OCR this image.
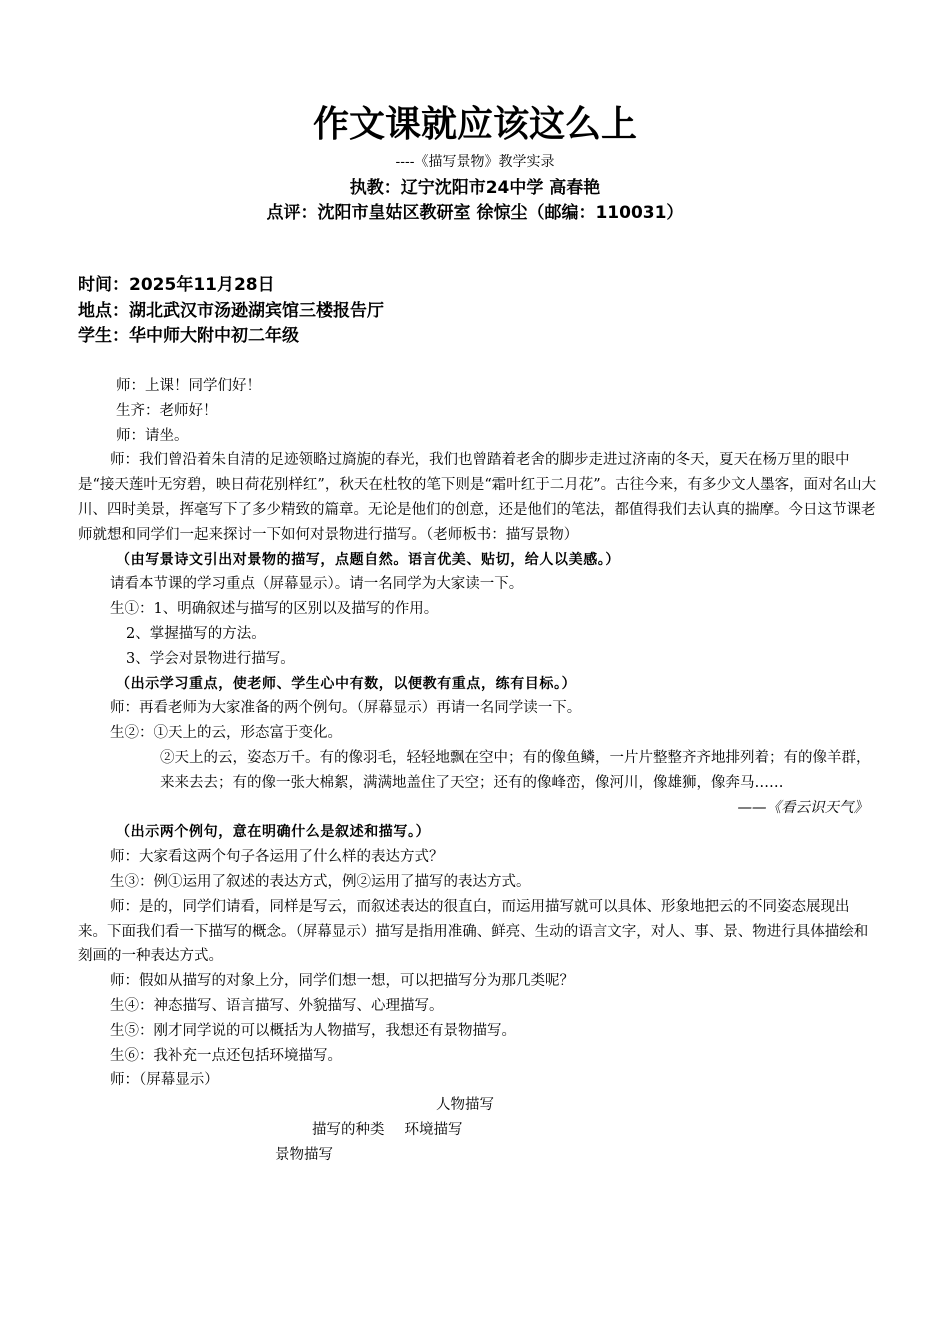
作文课就应该这么上
----《描写景物》教学实录
执教：辽宁沈阳市24中学 高春艳
点评：沈阳市皇姑区教研室 徐惊尘（邮编：110031）
时间：2025年11月28日
地点：湖北武汉市汤逊湖宾馆三楼报告厅
学生：华中师大附中初二年级

师：上课！同学们好！

生齐：老师好！

师：请坐。

师：我们曾沿着朱自清的足迹领略过旖旎的春光，我们也曾踏着老舍的脚步走进过济南的冬天，夏天在杨万里的眼中是“接天莲叶无穷碧，映日荷花别样红”，秋天在杜牧的笔下则是“霜叶红于二月花”。古往今来，有多少文人墨客，面对名山大川、四时美景，挥毫写下了多少精致的篇章。无论是他们的创意，还是他们的笔法，都值得我们去认真的揣摩。今日这节课老师就想和同学们一起来探讨一下如何对景物进行描写。（老师板书：描写景物）

（由写景诗文引出对景物的描写，点题自然。语言优美、贴切，给人以美感。）

请看本节课的学习重点（屏幕显示）。请一名同学为大家读一下。

生①：1、明确叙述与描写的区别以及描写的作用。

2、掌握描写的方法。

3、学会对景物进行描写。

（出示学习重点，使老师、学生心中有数，以便教有重点，练有目标。）

师：再看老师为大家准备的两个例句。（屏幕显示）再请一名同学读一下。

生②：①天上的云，形态富于变化。

②天上的云，姿态万千。有的像羽毛，轻轻地飘在空中；有的像鱼鳞，一片片整整齐齐地排列着；有的像羊群，来来去去；有的像一张大棉絮，满满地盖住了天空；还有的像峰峦，像河川，像雄狮，像奔马……

——《看云识天气》

（出示两个例句，意在明确什么是叙述和描写。）

师：大家看这两个句子各运用了什么样的表达方式？

生③：例①运用了叙述的表达方式，例②运用了描写的表达方式。

师：是的，同学们请看，同样是写云，而叙述表达的很直白，而运用描写就可以具体、形象地把云的不同姿态展现出来。下面我们看一下描写的概念。（屏幕显示）描写是指用准确、鲜亮、生动的语言文字，对人、事、景、物进行具体描绘和刻画的一种表达方式。

师：假如从描写的对象上分，同学们想一想，可以把描写分为那几类呢？

生④：神态描写、语言描写、外貌描写、心理描写。

生⑤：刚才同学说的可以概括为人物描写，我想还有景物描写。

生⑥：我补充一点还包括环境描写。

师：（屏幕显示）

人物描写

描写的种类 环境描写

景物描写
